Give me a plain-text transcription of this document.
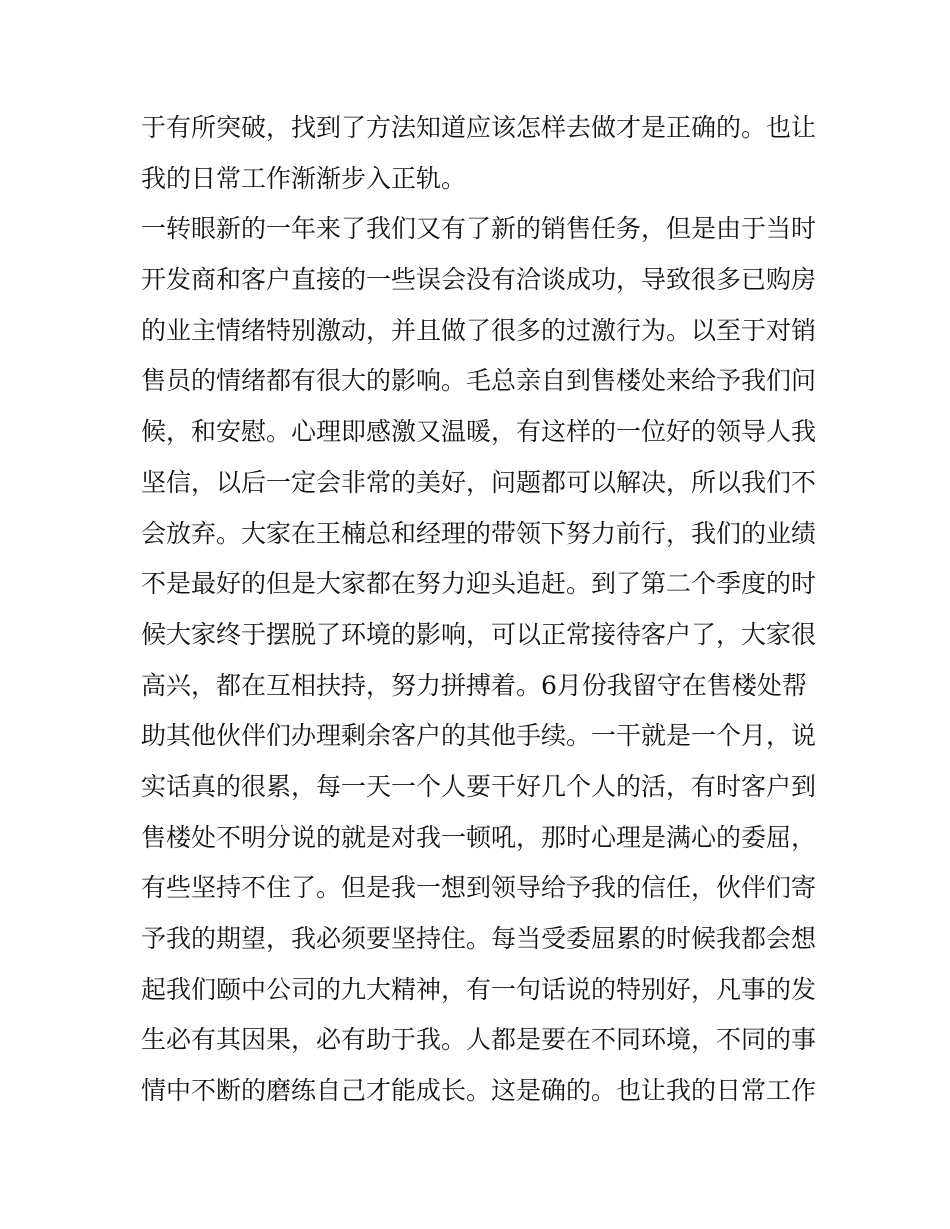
于有所突破，找到了方法知道应该怎样去做才是正确的。也让
我的日常工作渐渐步入正轨。
一转眼新的一年来了我们又有了新的销售任务，但是由于当时
开发商和客户直接的一些误会没有洽谈成功，导致很多已购房
的业主情绪特别激动，并且做了很多的过激行为。以至于对销
售员的情绪都有很大的影响。毛总亲自到售楼处来给予我们问
候，和安慰。心理即感激又温暖，有这样的一位好的领导人我
坚信，以后一定会非常的美好，问题都可以解决，所以我们不
会放弃。大家在王楠总和经理的带领下努力前行，我们的业绩
不是最好的但是大家都在努力迎头追赶。到了第二个季度的时
候大家终于摆脱了环境的影响，可以正常接待客户了，大家很
高兴，都在互相扶持，努力拼搏着。6月份我留守在售楼处帮
助其他伙伴们办理剩余客户的其他手续。一干就是一个月，说
实话真的很累，每一天一个人要干好几个人的活，有时客户到
售楼处不明分说的就是对我一顿吼，那时心理是满心的委屈，
有些坚持不住了。但是我一想到领导给予我的信任，伙伴们寄
予我的期望，我必须要坚持住。每当受委屈累的时候我都会想
起我们颐中公司的九大精神，有一句话说的特别好，凡事的发
生必有其因果，必有助于我。人都是要在不同环境，不同的事
情中不断的磨练自己才能成长。这是确的。也让我的日常工作
